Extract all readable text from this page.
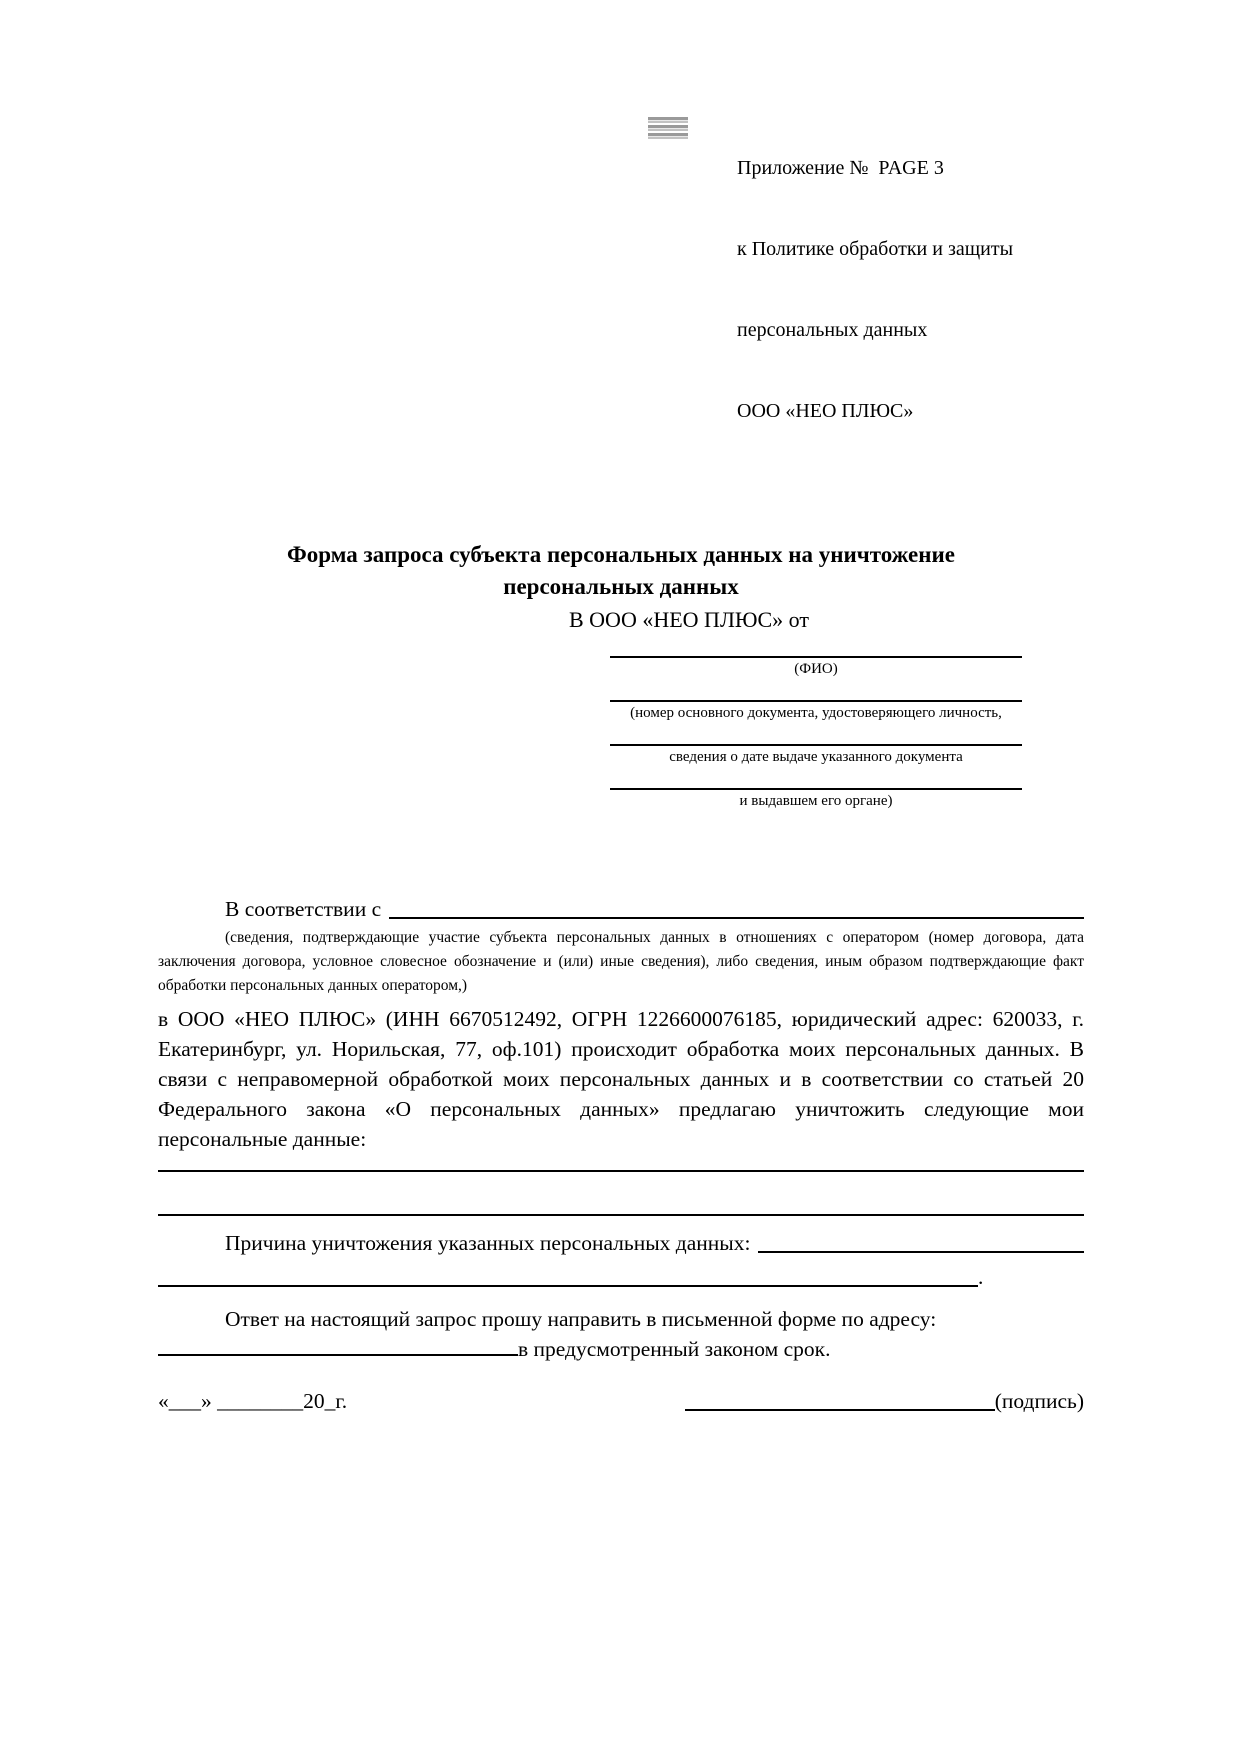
Приложение №  PAGE 3

к Политике обработки и защиты

персональных данных

ООО «НЕО ПЛЮС»

Форма запроса субъекта персональных данных на уничтожение персональных данных
В ООО «НЕО ПЛЮС» от
(ФИО)
(номер основного документа, удостоверяющего личность,
сведения о дате выдаче указанного документа
и выдавшем его органе)
В соответствии с

(сведения, подтверждающие участие субъекта персональных данных в отношениях с оператором (номер договора, дата заключения договора, условное словесное обозначение и (или) иные сведения), либо сведения, иным образом подтверждающие факт обработки персональных данных оператором,)

в ООО «НЕО ПЛЮС» (ИНН 6670512492, ОГРН 1226600076185, юридический адрес: 620033, г. Екатеринбург, ул. Норильская, 77, оф.101) происходит обработка моих персональных данных. В связи с неправомерной обработкой моих персональных данных и в соответствии со статьей 20 Федерального закона «О персональных данных» предлагаю уничтожить следующие мои персональные данные:

Причина уничтожения указанных персональных данных:
.

Ответ на настоящий запрос прошу направить в письменной форме по адресу:

в предусмотренный законом срок.

«___» ________20_г.	(подпись)
